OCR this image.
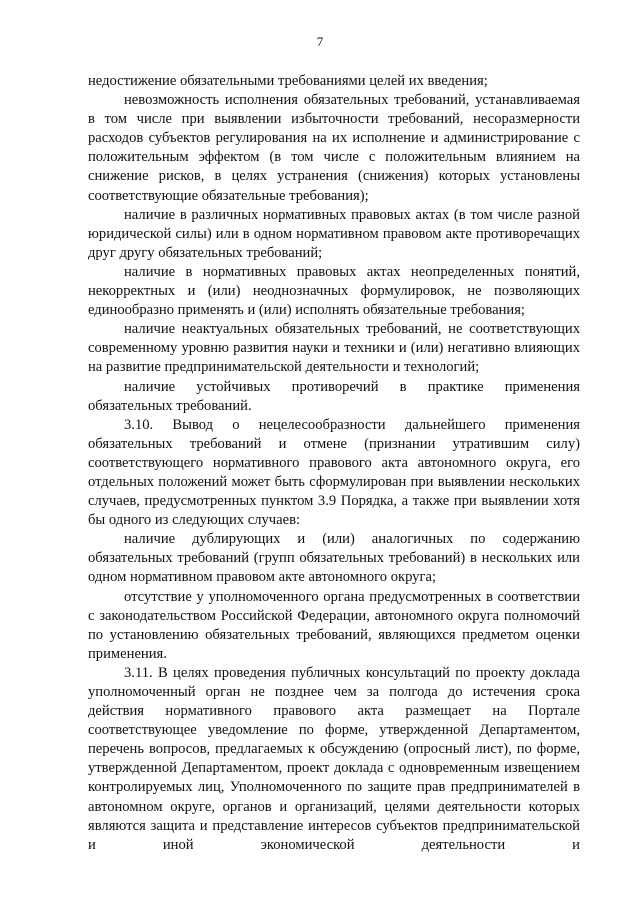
7

недостижение обязательными требованиями целей их введения;

невозможность исполнения обязательных требований, устанавливаемая в том числе при выявлении избыточности требований, несоразмерности расходов субъектов регулирования на их исполнение и администрирование с положительным эффектом (в том числе с положительным влиянием на снижение рисков, в целях устранения (снижения) которых установлены соответствующие обязательные требования);

наличие в различных нормативных правовых актах (в том числе разной юридической силы) или в одном нормативном правовом акте противоречащих друг другу обязательных требований;

наличие в нормативных правовых актах неопределенных понятий, некорректных и (или) неоднозначных формулировок, не позволяющих единообразно применять и (или) исполнять обязательные требования;

наличие неактуальных обязательных требований, не соответствующих современному уровню развития науки и техники и (или) негативно влияющих на развитие предпринимательской деятельности и технологий;

наличие устойчивых противоречий в практике применения обязательных требований.

3.10. Вывод о нецелесообразности дальнейшего применения обязательных требований и отмене (признании утратившим силу) соответствующего нормативного правового акта автономного округа, его отдельных положений может быть сформулирован при выявлении нескольких случаев, предусмотренных пунктом 3.9 Порядка, а также при выявлении хотя бы одного из следующих случаев:

наличие дублирующих и (или) аналогичных по содержанию обязательных требований (групп обязательных требований) в нескольких или одном нормативном правовом акте автономного округа;

отсутствие у уполномоченного органа предусмотренных в соответствии с законодательством Российской Федерации, автономного округа полномочий по установлению обязательных требований, являющихся предметом оценки применения.

3.11. В целях проведения публичных консультаций по проекту доклада уполномоченный орган не позднее чем за полгода до истечения срока действия нормативного правового акта размещает на Портале соответствующее уведомление по форме, утвержденной Департаментом, перечень вопросов, предлагаемых к обсуждению (опросный лист), по форме, утвержденной Департаментом, проект доклада с одновременным извещением контролируемых лиц, Уполномоченного по защите прав предпринимателей в автономном округе, органов и организаций, целями деятельности которых являются защита и представление интересов субъектов предпринимательской и иной экономической деятельности и
